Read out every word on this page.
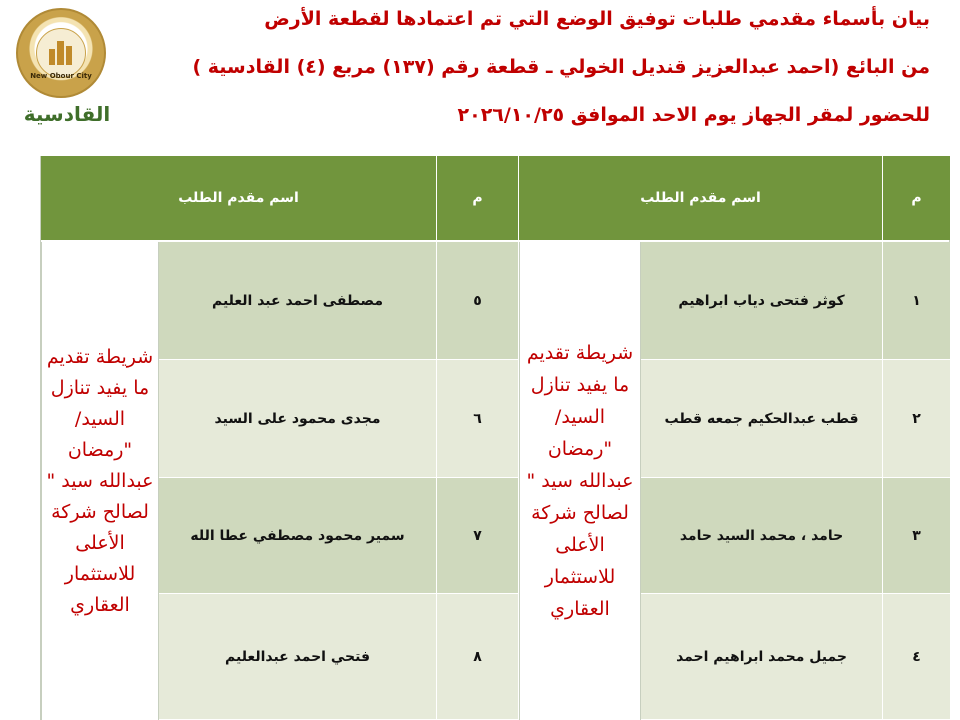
New Obour City
القادسية
بيان بأسماء مقدمي طلبات توفيق الوضع التي تم اعتمادها لقطعة الأرض
من البائع (احمد عبدالعزيز قنديل الخولي ـ قطعة رقم (١٣٧) مربع (٤) القادسية )
للحضور لمقر الجهاز يوم الاحد الموافق ٢٠٢٦/١٠/٢٥
م
اسم مقدم الطلب
م
اسم مقدم الطلب
١
كوثر فتحى دياب ابراهيم
٢
قطب عبدالحكيم جمعه قطب
٣
حامد ، محمد السيد حامد
٤
جميل محمد ابراهيم احمد
شريطة تقديم ما يفيد تنازل السيد/ "رمضان عبدالله سيد " لصالح شركة الأعلى للاستثمار العقاري
٥
مصطفى احمد عبد العليم
٦
مجدى محمود على السيد
٧
سمير محمود مصطفي عطا الله
٨
فتحي احمد عبدالعليم
شريطة تقديم ما يفيد تنازل السيد/ "رمضان عبدالله سيد " لصالح شركة الأعلى للاستثمار العقاري
